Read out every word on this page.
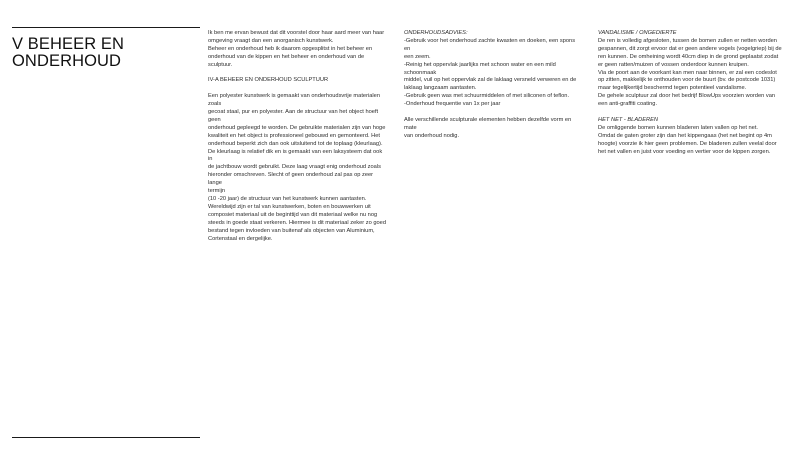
V BEHEER EN ONDERHOUD

Ik ben me ervan bewust dat dit voorstel door haar aard meer van haar

omgeving vraagt dan een anorganisch kunstwerk.

Beheer en onderhoud heb ik daarom opgesplitst in het beheer en

onderhoud van de kippen en het beheer en onderhoud van de sculptuur.

IV-A BEHEER EN ONDERHOUD SCULPTUUR

Een polyester kunstwerk is gemaakt van onderhoudsvrije materialen zoals

gecoat staal, pur en polyester. Aan de structuur van het object hoeft geen

onderhoud gepleegd te worden. De gebruikte materialen zijn van hoge

kwaliteit en het object is professioneel gebouwd en gemonteerd. Het

onderhoud beperkt zich dan ook uitsluitend tot de toplaag (kleurlaag).

De kleurlaag is relatief dik en is gemaakt van een laksysteem dat ook in

de jachtbouw wordt gebruikt. Deze laag vraagt enig onderhoud zoals

hieronder omschreven. Slecht of geen onderhoud zal pas op zeer lange

termijn

(10 -20 jaar) de structuur van het kunstwerk kunnen aantasten.

Wereldwijd zijn er tal van kunstwerken, boten en bouwwerken uit

composiet materiaal uit de beginttijd van dit materiaal welke nu nog

steeds in goede staat verkeren. Hiermee is dit materiaal zeker zo goed

bestand tegen invloeden van buitenaf als objecten van Aluminium,

Cortenstaal en dergelijke.

ONDERHOUDSADVIES:

-Gebruik voor het onderhoud zachte kwasten en doeken, een spons en

een zeem.

-Reinig het oppervlak jaarlijks met schoon water en een mild schoonmaak

middel, vuil op het oppervlak zal de laklaag versneld verweren en de

laklaag langzaam aantasten.

-Gebruik geen was met schuurmiddelen of met siliconen of teflon.

-Onderhoud frequentie van 1x per jaar

Alle verschillende sculpturale elementen hebben dezelfde vorm en mate

van onderhoud nodig.

VANDALISME / ONGEDIERTE

De ren is volledig afgesloten, tussen de bomen zullen er netten worden

gespannen, dit zorgt ervoor dat er geen andere vogels (vogelgriep) bij de

ren kunnen. De omheining wordt 40cm diep in de grond geplaatst zodat

er geen ratten/muizen of vossen onderdoor kunnen kruipen.

Via de poort aan de voorkant kan men naar binnen, er zal een codeslot

op zitten, makkelijk te onthouden voor de buurt (bv. de postcode 1031)

maar tegelijkertijd beschermd tegen potentieel vandalisme.

De gehele sculptuur zal door het bedrijf BlowUps voorzien worden van

een anti-graffiti coating.

HET NET - BLADEREN

De omliggende bomen kunnen bladeren laten vallen op het net.

Omdat de gaten groter zijn dan het kippengaas (het net begint op 4m

hoogte) voorzie ik hier geen problemen. De bladeren zullen veelal door

het net vallen en juist voor voeding en vertier voor de kippen zorgen.
